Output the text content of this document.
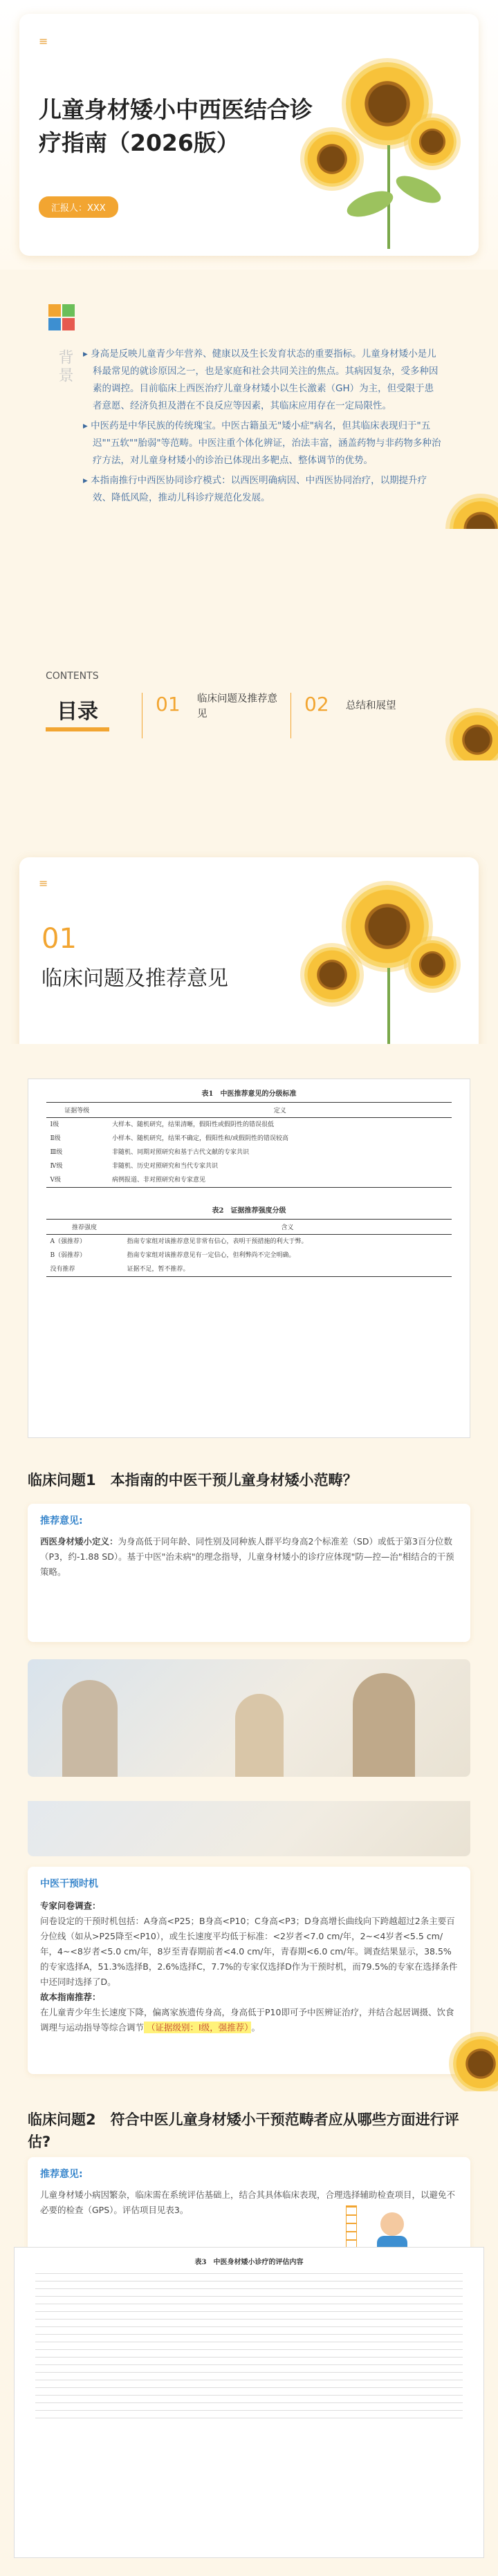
≡
儿童身材矮小中西医结合诊疗指南（2026版）
汇报人：XXX
背景	▸ 身高是反映儿童青少年营养、健康以及生长发育状态的重要指标。儿童身材矮小是儿科最常见的就诊原因之一，也是家庭和社会共同关注的焦点。其病因复杂，受多种因素的调控。目前临床上西医治疗儿童身材矮小以生长激素（GH）为主，但受限于患者意愿、经济负担及潜在不良反应等因素，其临床应用存在一定局限性。

▸ 中医药是中华民族的传统瑰宝。中医古籍虽无"矮小症"病名，但其临床表现归于"五迟""五软""胎弱"等范畴。中医注重个体化辨证，治法丰富，涵盖药物与非药物多种治疗方法，对儿童身材矮小的诊治已体现出多靶点、整体调节的优势。

▸ 本指南推行中西医协同诊疗模式：以西医明确病因、中西医协同治疗，以期提升疗效、降低风险，推动儿科诊疗规范化发展。

CONTENTS
目录	01 临床问题及推荐意见	02 总结和展望
≡
01
临床问题及推荐意见
表1　中医推荐意见的分级标准
证据等级	定义
Ⅰ级	大样本、随机研究，结果清晰，假阳性或假阴性的错误很低
Ⅱ级	小样本、随机研究，结果不确定，假阳性和/或假阴性的错误较高
Ⅲ级	非随机、同期对照研究和基于古代文献的专家共识
Ⅳ级	非随机、历史对照研究和当代专家共识
Ⅴ级	病例报道、非对照研究和专家意见
表2　证据推荐强度分级
推荐强度	含义
A（强推荐）	指南专家组对该推荐意见非常有信心，表明干预措施的利大于弊。
B（弱推荐）	指南专家组对该推荐意见有一定信心，但利弊尚不完全明确。
没有推荐	证据不足，暂不推荐。
临床问题1　本指南的中医干预儿童身材矮小范畴？
推荐意见:
西医身材矮小定义：为身高低于同年龄、同性别及同种族人群平均身高2个标准差（SD）或低于第3百分位数（P3，约-1.88 SD）。基于中医"治未病"的理念指导，儿童身材矮小的诊疗应体现"防—控—治"相结合的干预策略。
中医干预时机
专家问卷调查：
问卷设定的干预时机包括：A身高<P25；B身高<P10；C身高<P3；D身高增长曲线向下跨越超过2条主要百分位线（如从>P25降至<P10），或生长速度平均低于标准：<2岁者<7.0 cm/年，2~<4岁者<5.5 cm/年，4~<8岁者<5.0 cm/年，8岁至青春期前者<4.0 cm/年，青春期<6.0 cm/年。调查结果显示，38.5%的专家选择A，51.3%选择B，2.6%选择C，7.7%的专家仅选择D作为干预时机，而79.5%的专家在选择条件中还同时选择了D。
故本指南推荐：
在儿童青少年生长速度下降，偏离家族遗传身高，身高低于P10即可予中医辨证治疗，并结合起居调摄、饮食调理与运动指导等综合调节 （证据级别：Ⅰ级，强推荐） 。
临床问题2　符合中医儿童身材矮小干预范畴者应从哪些方面进行评估?
推荐意见:
儿童身材矮小病因繁杂，临床需在系统评估基础上，结合其具体临床表现，合理选择辅助检查项目，以避免不必要的检查（GPS）。评估项目见表3。
表3　中医身材矮小诊疗的评估内容
